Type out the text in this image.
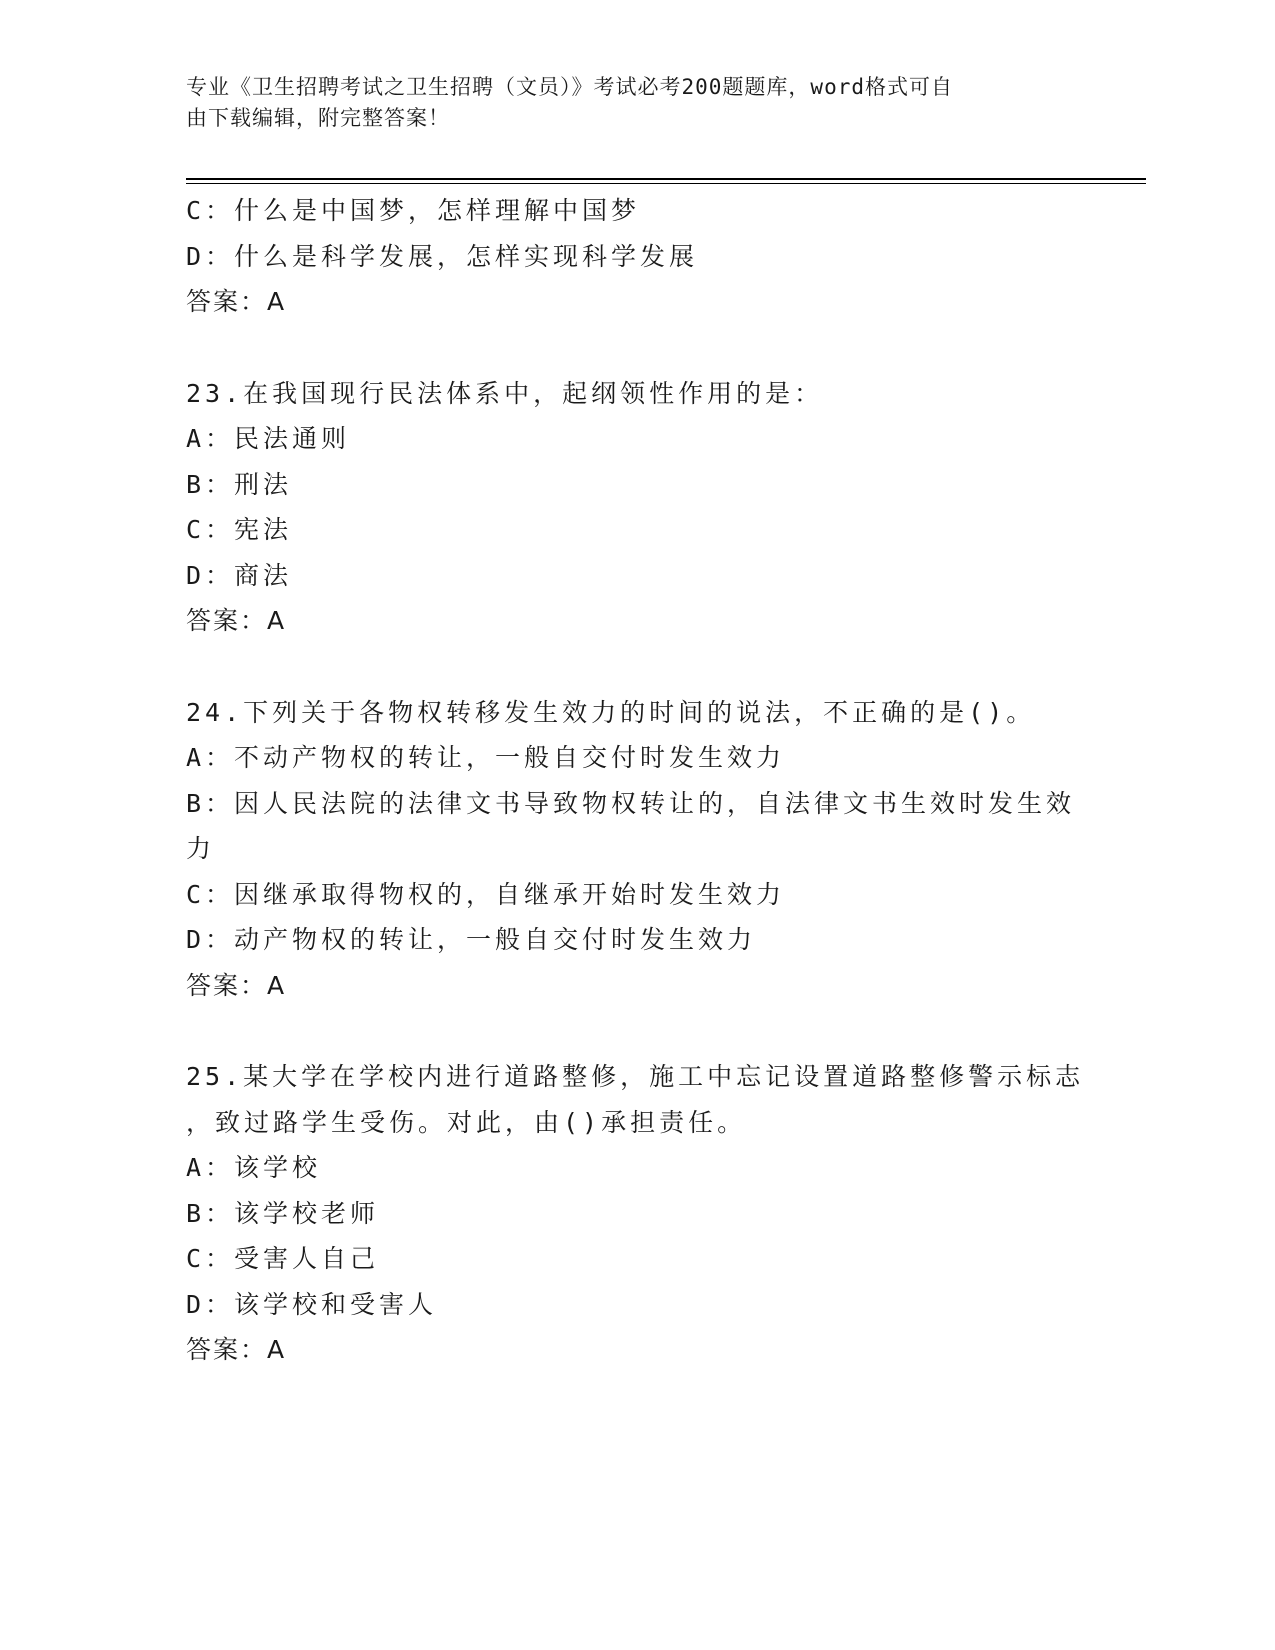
专业《卫生招聘考试之卫生招聘（文员）》考试必考200题题库，word格式可自
由下载编辑，附完整答案！
C：什么是中国梦，怎样理解中国梦
D：什么是科学发展，怎样实现科学发展
答案：A
23.在我国现行民法体系中，起纲领性作用的是：
A：民法通则
B：刑法
C：宪法
D：商法
答案：A
24.下列关于各物权转移发生效力的时间的说法，不正确的是()。
A：不动产物权的转让，一般自交付时发生效力
B：因人民法院的法律文书导致物权转让的，自法律文书生效时发生效
力
C：因继承取得物权的，自继承开始时发生效力
D：动产物权的转让，一般自交付时发生效力
答案：A
25.某大学在学校内进行道路整修，施工中忘记设置道路整修警示标志
，致过路学生受伤。对此，由()承担责任。
A：该学校
B：该学校老师
C：受害人自己
D：该学校和受害人
答案：A
